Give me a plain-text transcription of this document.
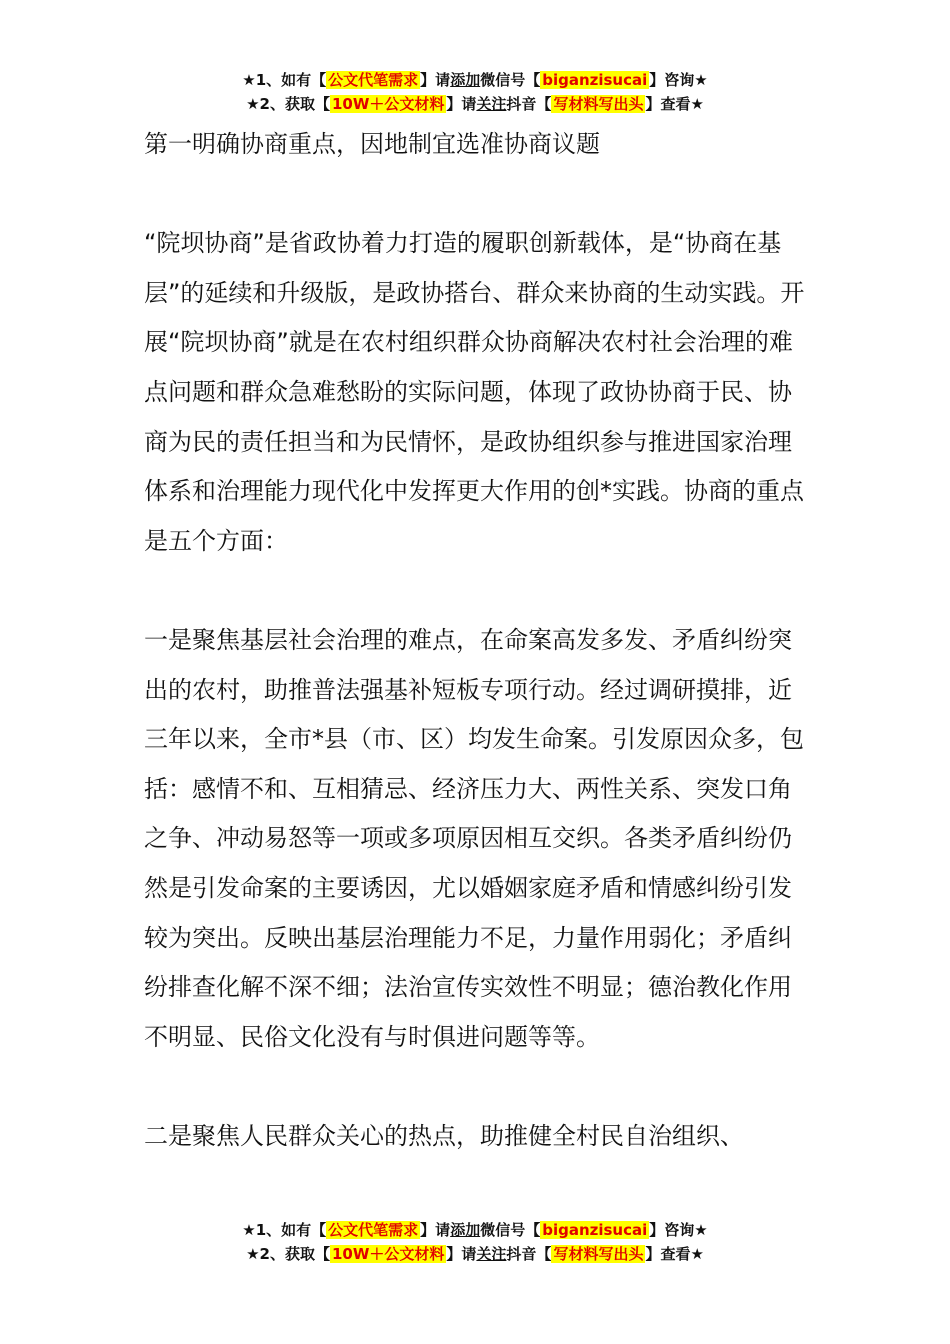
★1、如有【 公文代笔需求 】请添加微信号【 biganzisucai 】咨询★
★2、获取【 10W＋公文材料 】请关注抖音【 写材料写出头 】查看★

第一明确协商重点，因地制宜选准协商议题

“院坝协商”是省政协着力打造的履职创新载体，是“协商在基层”的延续和升级版，是政协搭台、群众来协商的生动实践。开展“院坝协商”就是在农村组织群众协商解决农村社会治理的难点问题和群众急难愁盼的实际问题，体现了政协协商于民、协商为民的责任担当和为民情怀，是政协组织参与推进国家治理体系和治理能力现代化中发挥更大作用的创*实践。协商的重点是五个方面：

一是聚焦基层社会治理的难点，在命案高发多发、矛盾纠纷突出的农村，助推普法强基补短板专项行动。经过调研摸排，近三年以来，全市*县（市、区）均发生命案。引发原因众多，包括：感情不和、互相猜忌、经济压力大、两性关系、突发口角之争、冲动易怒等一项或多项原因相互交织。各类矛盾纠纷仍然是引发命案的主要诱因，尤以婚姻家庭矛盾和情感纠纷引发较为突出。反映出基层治理能力不足，力量作用弱化；矛盾纠纷排查化解不深不细；法治宣传实效性不明显；德治教化作用不明显、民俗文化没有与时俱进问题等等。

二是聚焦人民群众关心的热点，助推健全村民自治组织、

★1、如有【 公文代笔需求 】请添加微信号【 biganzisucai 】咨询★
★2、获取【 10W＋公文材料 】请关注抖音【 写材料写出头 】查看★
